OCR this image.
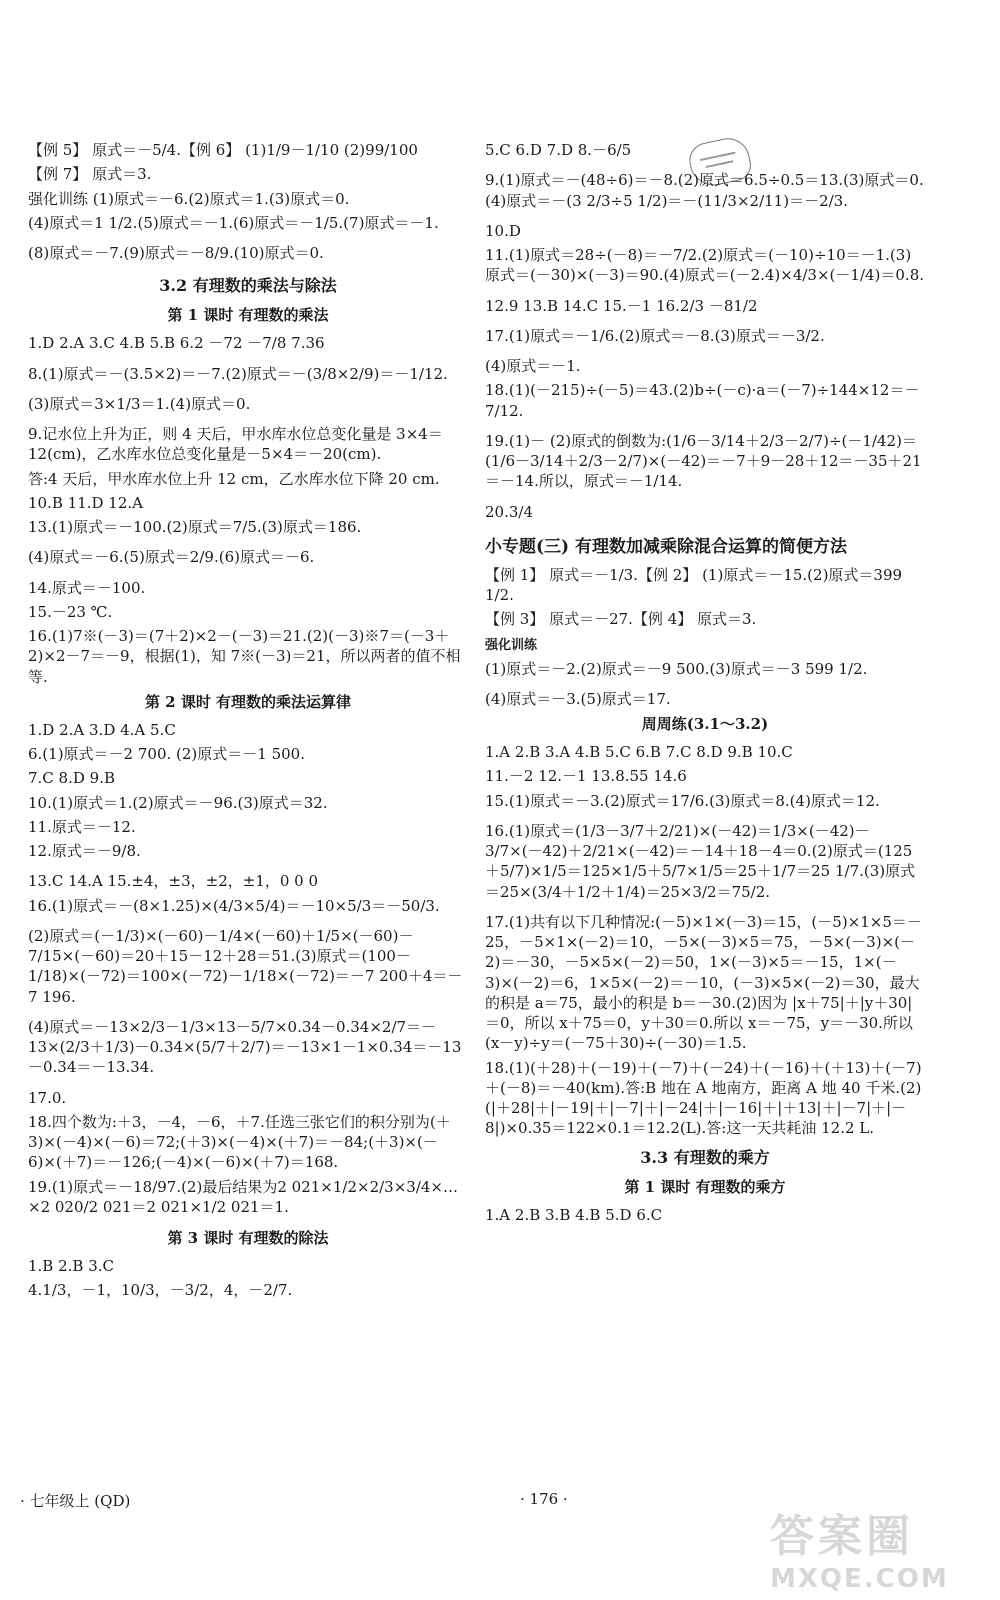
【例 5】 原式＝－5/4.【例 6】 (1)1/9－1/10 (2)99/100
【例 7】 原式＝3.
强化训练 (1)原式＝－6.(2)原式＝1.(3)原式＝0.
(4)原式＝1 1/2.(5)原式＝－1.(6)原式＝－1/5.(7)原式＝－1.
(8)原式＝－7.(9)原式＝－8/9.(10)原式＝0.
3.2 有理数的乘法与除法
第 1 课时 有理数的乘法
1.D 2.A 3.C 4.B 5.B 6.2 －72 －7/8 7.36
8.(1)原式＝－(3.5×2)＝－7.(2)原式＝－(3/8×2/9)＝－1/12.
(3)原式＝3×1/3＝1.(4)原式＝0.
9.记水位上升为正，则 4 天后，甲水库水位总变化量是 3×4＝12(cm)，乙水库水位总变化量是－5×4＝－20(cm).
答:4 天后，甲水库水位上升 12 cm，乙水库水位下降 20 cm.
10.B 11.D 12.A
13.(1)原式＝－100.(2)原式＝7/5.(3)原式＝186.
(4)原式＝－6.(5)原式＝2/9.(6)原式＝－6.
14.原式＝－100.
15.－23 ℃.
16.(1)7※(－3)＝(7＋2)×2－(－3)＝21.(2)(－3)※7＝(－3＋2)×2－7＝－9，根据(1)，知 7※(－3)＝21，所以两者的值不相等.
第 2 课时 有理数的乘法运算律
1.D 2.A 3.D 4.A 5.C
6.(1)原式＝－2 700. (2)原式＝－1 500.
7.C 8.D 9.B
10.(1)原式＝1.(2)原式＝－96.(3)原式＝32.
11.原式＝－12.
12.原式＝－9/8.
13.C 14.A 15.±4，±3，±2，±1，0 0 0
16.(1)原式＝－(8×1.25)×(4/3×5/4)＝－10×5/3＝－50/3.
(2)原式＝(－1/3)×(－60)－1/4×(－60)＋1/5×(－60)－7/15×(－60)＝20＋15－12＋28＝51.(3)原式＝(100－1/18)×(－72)＝100×(－72)－1/18×(－72)＝－7 200＋4＝－7 196.
(4)原式＝－13×2/3－1/3×13－5/7×0.34－0.34×2/7＝－13×(2/3＋1/3)－0.34×(5/7＋2/7)＝－13×1－1×0.34＝－13－0.34＝－13.34.
17.0.
18.四个数为:＋3，－4，－6，＋7.任选三张它们的积分别为(＋3)×(－4)×(－6)＝72;(＋3)×(－4)×(＋7)＝－84;(＋3)×(－6)×(＋7)＝－126;(－4)×(－6)×(＋7)＝168.
19.(1)原式＝－18/97.(2)最后结果为2 021×1/2×2/3×3/4×…×2 020/2 021＝2 021×1/2 021＝1.
第 3 课时 有理数的除法
1.B 2.B 3.C
4.1/3，－1，10/3，－3/2，4，－2/7.
5.C 6.D 7.D 8.－6/5
9.(1)原式＝－(48÷6)＝－8.(2)原式＝6.5÷0.5＝13.(3)原式＝0.(4)原式＝－(3 2/3÷5 1/2)＝－(11/3×2/11)＝－2/3.
10.D
11.(1)原式＝28÷(－8)＝－7/2.(2)原式＝(－10)÷10＝－1.(3)原式＝(－30)×(－3)＝90.(4)原式＝(－2.4)×4/3×(－1/4)＝0.8.
12.9 13.B 14.C 15.－1 16.2/3 －81/2
17.(1)原式＝－1/6.(2)原式＝－8.(3)原式＝－3/2.
(4)原式＝－1.
18.(1)(－215)÷(－5)＝43.(2)b÷(－c)·a＝(－7)÷144×12＝－7/12.
19.(1)－ (2)原式的倒数为:(1/6－3/14＋2/3－2/7)÷(－1/42)＝(1/6－3/14＋2/3－2/7)×(－42)＝－7＋9－28＋12＝－35＋21＝－14.所以，原式＝－1/14.
20.3/4
小专题(三) 有理数加减乘除混合运算的简便方法
【例 1】 原式＝－1/3.【例 2】 (1)原式＝－15.(2)原式＝399 1/2.
【例 3】 原式＝－27.【例 4】 原式＝3.
强化训练
(1)原式＝－2.(2)原式＝－9 500.(3)原式＝－3 599 1/2.
(4)原式＝－3.(5)原式＝17.
周周练(3.1～3.2)
1.A 2.B 3.A 4.B 5.C 6.B 7.C 8.D 9.B 10.C
11.－2 12.－1 13.8.55 14.6
15.(1)原式＝－3.(2)原式＝17/6.(3)原式＝8.(4)原式＝12.
16.(1)原式＝(1/3－3/7＋2/21)×(－42)＝1/3×(－42)－3/7×(－42)＋2/21×(－42)＝－14＋18－4＝0.(2)原式＝(125＋5/7)×1/5＝125×1/5＋5/7×1/5＝25＋1/7＝25 1/7.(3)原式＝25×(3/4＋1/2＋1/4)＝25×3/2＝75/2.
17.(1)共有以下几种情况:(－5)×1×(－3)＝15，(－5)×1×5＝－25，－5×1×(－2)＝10，－5×(－3)×5＝75，－5×(－3)×(－2)＝－30，－5×5×(－2)＝50，1×(－3)×5＝－15，1×(－3)×(－2)＝6，1×5×(－2)＝－10，(－3)×5×(－2)＝30，最大的积是 a＝75，最小的积是 b＝－30.(2)因为 |x＋75|＋|y＋30|＝0，所以 x＋75＝0，y＋30＝0.所以 x＝－75，y＝－30.所以(x－y)÷y＝(－75＋30)÷(－30)＝1.5.
18.(1)(＋28)＋(－19)＋(－7)＋(－24)＋(－16)＋(＋13)＋(－7)＋(－8)＝－40(km).答:B 地在 A 地南方，距离 A 地 40 千米.(2)(|＋28|＋|－19|＋|－7|＋|－24|＋|－16|＋|＋13|＋|－7|＋|－8|)×0.35＝122×0.1＝12.2(L).答:这一天共耗油 12.2 L.
3.3 有理数的乘方
第 1 课时 有理数的乘方
1.A 2.B 3.B 4.B 5.D 6.C
· 七年级上 (QD)	· 176 ·
答案圈
MXQE.COM
